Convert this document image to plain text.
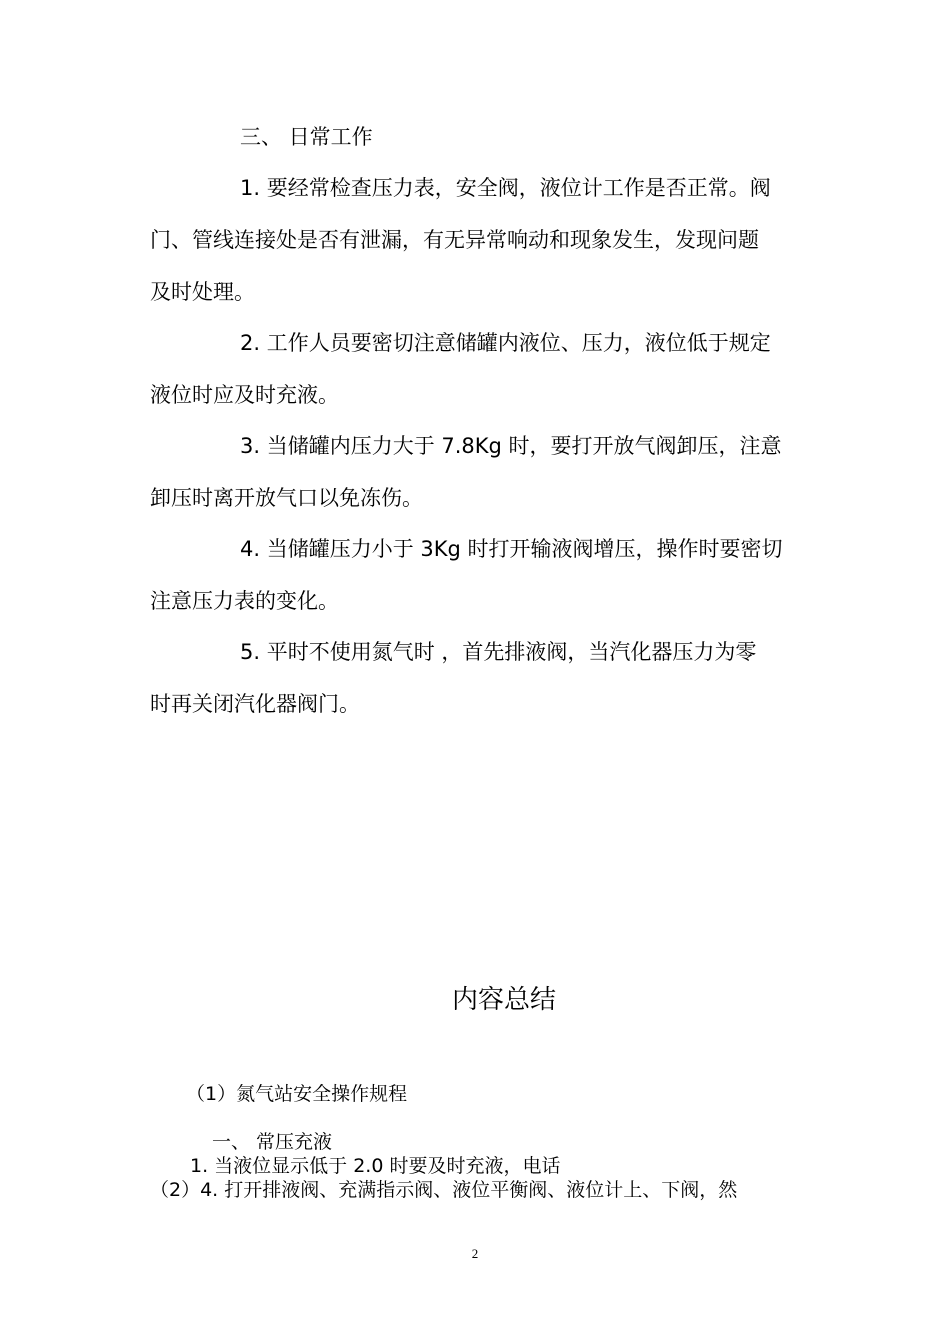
三、 日常工作
1. 要经常检查压力表，安全阀，液位计工作是否正常。阀
门、管线连接处是否有泄漏，有无异常响动和现象发生，发现问题
及时处理。
2. 工作人员要密切注意储罐内液位、压力，液位低于规定
液位时应及时充液。
3. 当储罐内压力大于 7.8Kg 时，要打开放气阀卸压，注意
卸压时离开放气口以免冻伤。
4. 当储罐压力小于 3Kg 时打开输液阀增压，操作时要密切
注意压力表的变化。
5. 平时不使用氮气时 ，首先排液阀，当汽化器压力为零
时再关闭汽化器阀门。
内容总结
（1）氮气站安全操作规程
一、 常压充液
1. 当液位显示低于 2.0 时要及时充液，电话
（2）4. 打开排液阀、充满指示阀、液位平衡阀、液位计上、下阀，然
2
